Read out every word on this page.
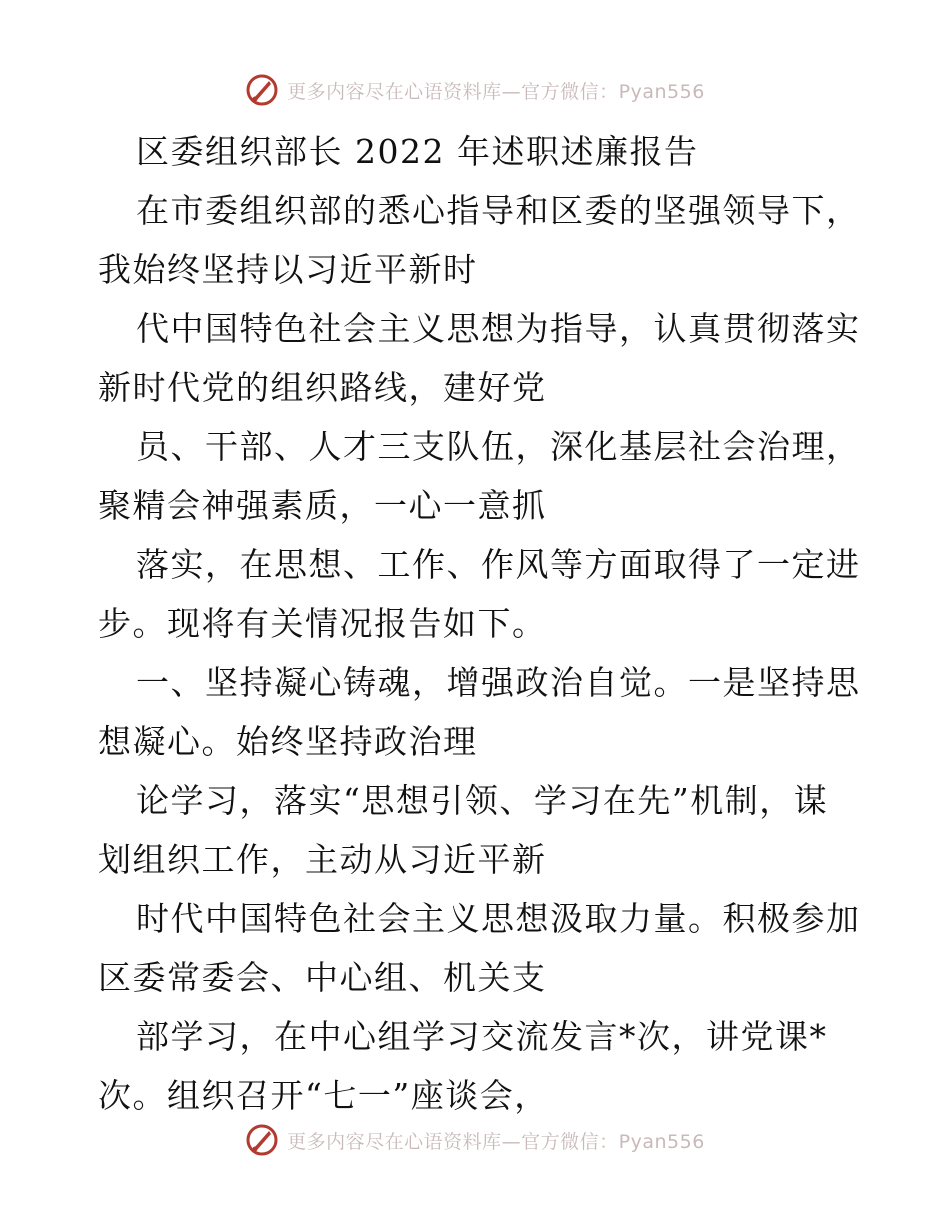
更多内容尽在心语资料库—官方微信：Pyan556
区委组织部长 2022 年述职述廉报告
在市委组织部的悉心指导和区委的坚强领导下，
我始终坚持以习近平新时
代中国特色社会主义思想为指导，认真贯彻落实
新时代党的组织路线，建好党
员、干部、人才三支队伍，深化基层社会治理，
聚精会神强素质，一心一意抓
落实，在思想、工作、作风等方面取得了一定进
步。现将有关情况报告如下。
一、坚持凝心铸魂，增强政治自觉。一是坚持思
想凝心。始终坚持政治理
论学习，落实“思想引领、学习在先”机制，谋
划组织工作，主动从习近平新
时代中国特色社会主义思想汲取力量。积极参加
区委常委会、中心组、机关支
部学习，在中心组学习交流发言*次，讲党课*
次。组织召开“七一”座谈会，
更多内容尽在心语资料库—官方微信：Pyan556
